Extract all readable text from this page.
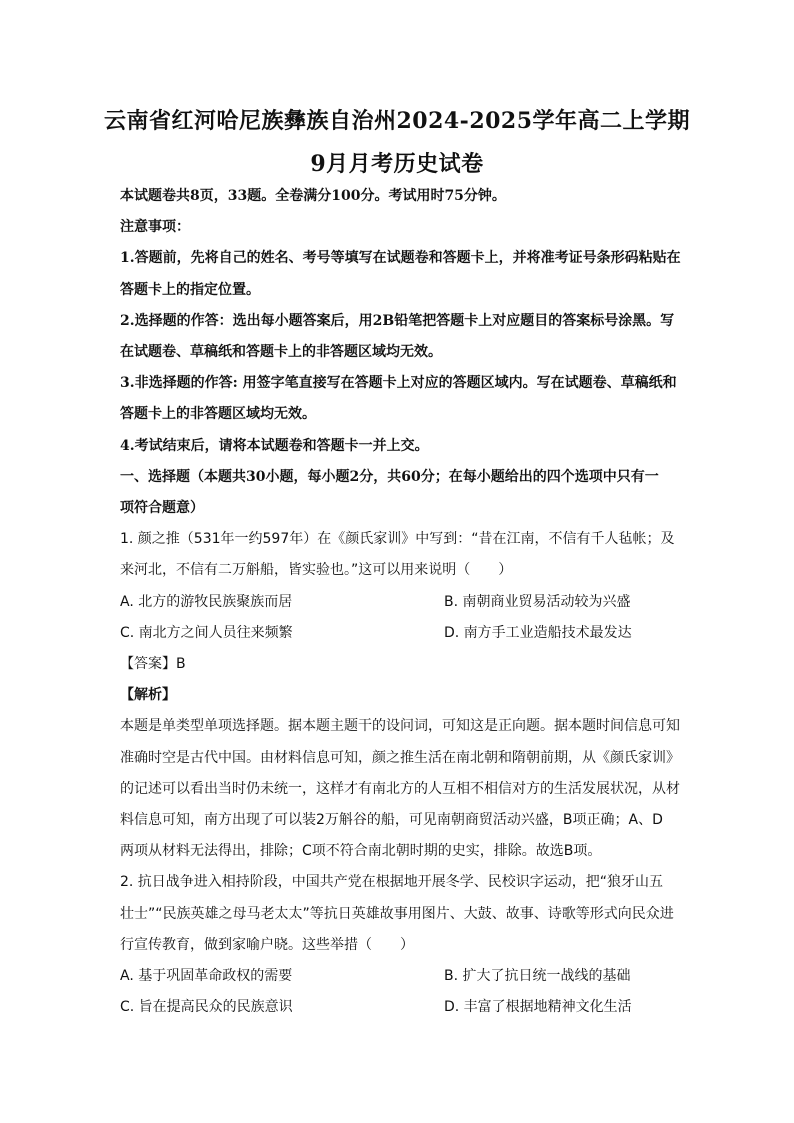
云南省红河哈尼族彝族自治州2024-2025学年高二上学期
9月月考历史试卷
本试题卷共8页，33题。全卷满分100分。考试用时75分钟。
注意事项：
1.答题前，先将自己的姓名、考号等填写在试题卷和答题卡上，并将准考证号条形码粘贴在
答题卡上的指定位置。
2.选择题的作答：选出每小题答案后，用2B铅笔把答题卡上对应题目的答案标号涂黑。写
在试题卷、草稿纸和答题卡上的非答题区域均无效。
3.非选择题的作答: 用签字笔直接写在答题卡上对应的答题区域内。写在试题卷、草稿纸和
答题卡上的非答题区域均无效。
4.考试结束后，请将本试题卷和答题卡一并上交。
一、选择题（本题共30小题，每小题2分，共60分；在每小题给出的四个选项中只有一
项符合题意）
1. 颜之推（531年一约597年）在《颜氏家训》中写到：“昔在江南，不信有千人毡帐；及
来河北，不信有二万斛船，皆实验也。”这可以用来说明（　　）
A. 北方的游牧民族聚族而居	B. 南朝商业贸易活动较为兴盛
C. 南北方之间人员往来频繁	D. 南方手工业造船技术最发达
【答案】B
【解析】
本题是单类型单项选择题。据本题主题干的设问词，可知这是正向题。据本题时间信息可知
准确时空是古代中国。由材料信息可知，颜之推生活在南北朝和隋朝前期，从《颜氏家训》
的记述可以看出当时仍未统一，这样才有南北方的人互相不相信对方的生活发展状况，从材
料信息可知，南方出现了可以装2万斛谷的船，可见南朝商贸活动兴盛，B项正确；A、D
两项从材料无法得出，排除；C项不符合南北朝时期的史实，排除。故选B项。
2. 抗日战争进入相持阶段，中国共产党在根据地开展冬学、民校识字运动，把“狼牙山五
壮士”“民族英雄之母马老太太”等抗日英雄故事用图片、大鼓、故事、诗歌等形式向民众进
行宣传教育，做到家喻户晓。这些举措（　　）
A. 基于巩固革命政权的需要	B. 扩大了抗日统一战线的基础
C. 旨在提高民众的民族意识	D. 丰富了根据地精神文化生活
